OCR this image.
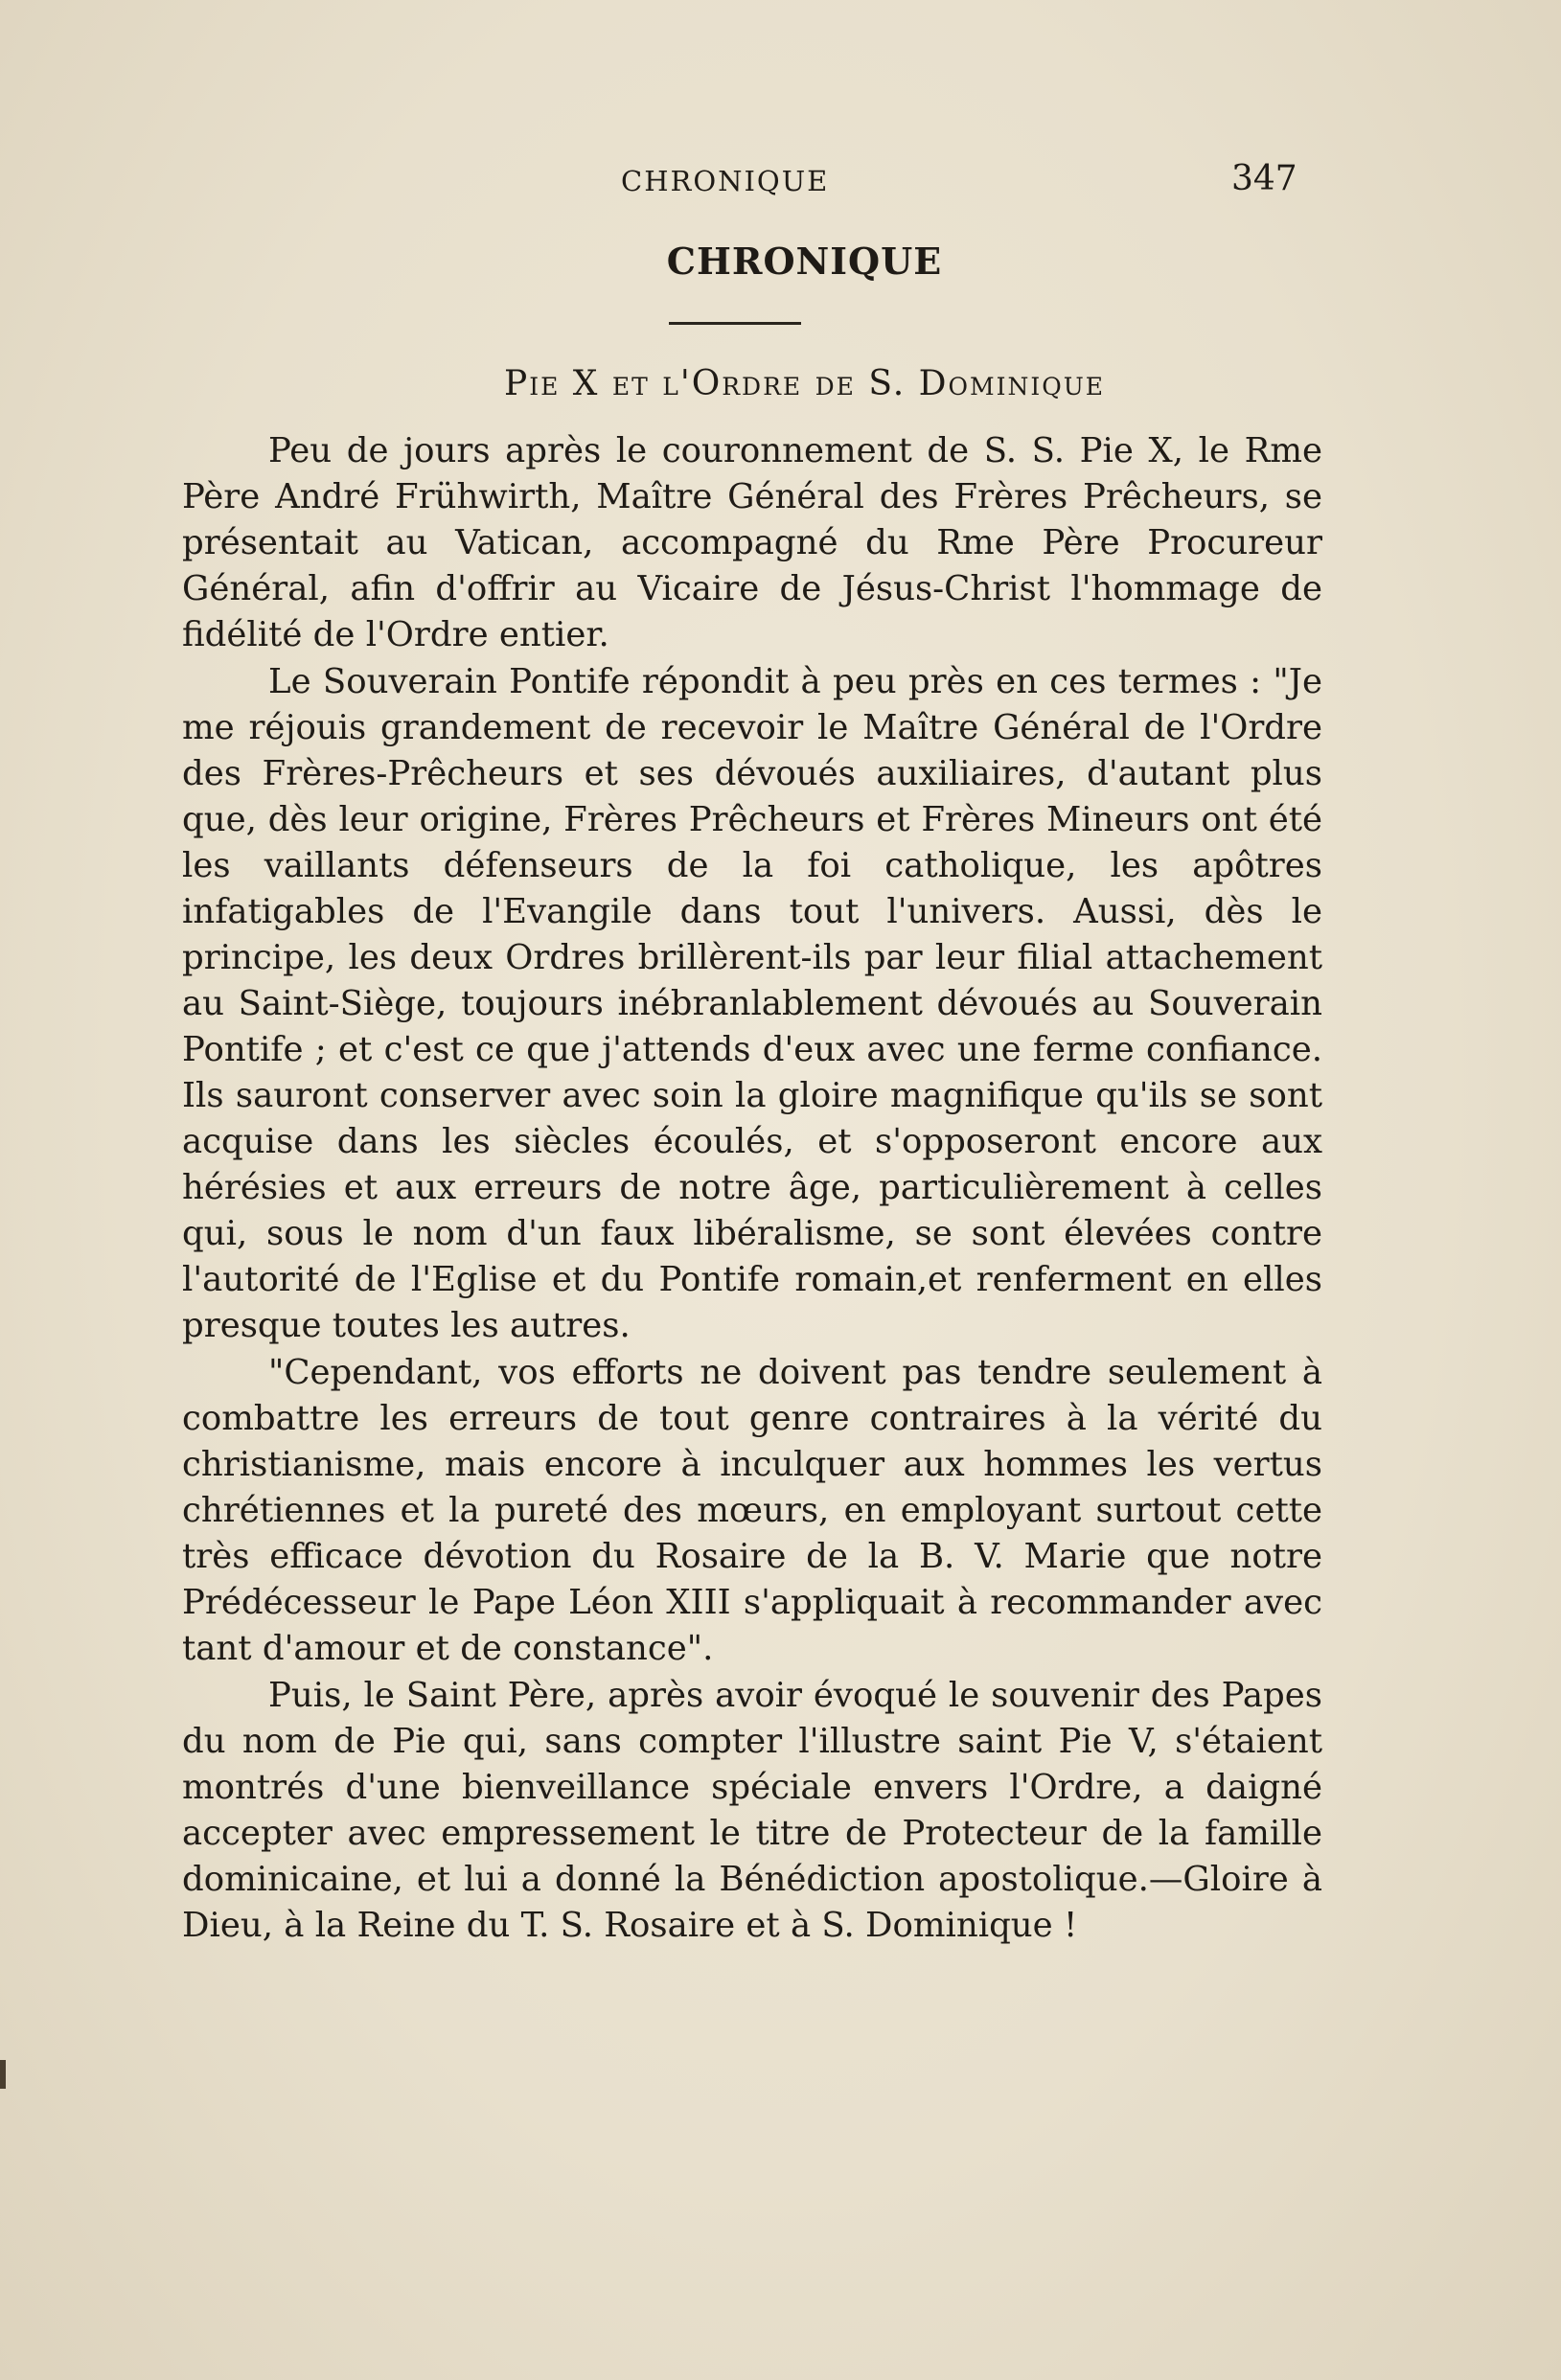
CHRONIQUE	347
CHRONIQUE
Pie X et l'Ordre de S. Dominique

Peu de jours après le couronnement de S. S. Pie X, le Rme Père André Frühwirth, Maître Général des Frères Prêcheurs, se présentait au Vatican, accompagné du Rme Père Procureur Général, afin d'offrir au Vicaire de Jésus-Christ l'hommage de fidélité de l'Ordre entier.

Le Souverain Pontife répondit à peu près en ces termes : "Je me réjouis grandement de recevoir le Maître Général de l'Ordre des Frères-Prêcheurs et ses dévoués auxiliaires, d'autant plus que, dès leur origine, Frères Prêcheurs et Frères Mineurs ont été les vaillants défenseurs de la foi catholique, les apôtres infatigables de l'Evangile dans tout l'univers. Aussi, dès le principe, les deux Ordres brillèrent-ils par leur filial attachement au Saint-Siège, toujours inébranlablement dévoués au Souverain Pontife ; et c'est ce que j'attends d'eux avec une ferme confiance. Ils sauront conserver avec soin la gloire magnifique qu'ils se sont acquise dans les siècles écoulés, et s'opposeront encore aux hérésies et aux erreurs de notre âge, particulièrement à celles qui, sous le nom d'un faux libéralisme, se sont élevées contre l'autorité de l'Eglise et du Pontife romain,et renferment en elles presque toutes les autres.

"Cependant, vos efforts ne doivent pas tendre seulement à combattre les erreurs de tout genre contraires à la vérité du christianisme, mais encore à inculquer aux hommes les vertus chrétiennes et la pureté des mœurs, en employant surtout cette très efficace dévotion du Rosaire de la B. V. Marie que notre Prédécesseur le Pape Léon XIII s'appliquait à recommander avec tant d'amour et de constance".

Puis, le Saint Père, après avoir évoqué le souvenir des Papes du nom de Pie qui, sans compter l'illustre saint Pie V, s'étaient montrés d'une bienveillance spéciale envers l'Ordre, a daigné accepter avec empressement le titre de Protecteur de la famille dominicaine, et lui a donné la Bénédiction apostolique.—Gloire à Dieu, à la Reine du T. S. Rosaire et à S. Dominique !
